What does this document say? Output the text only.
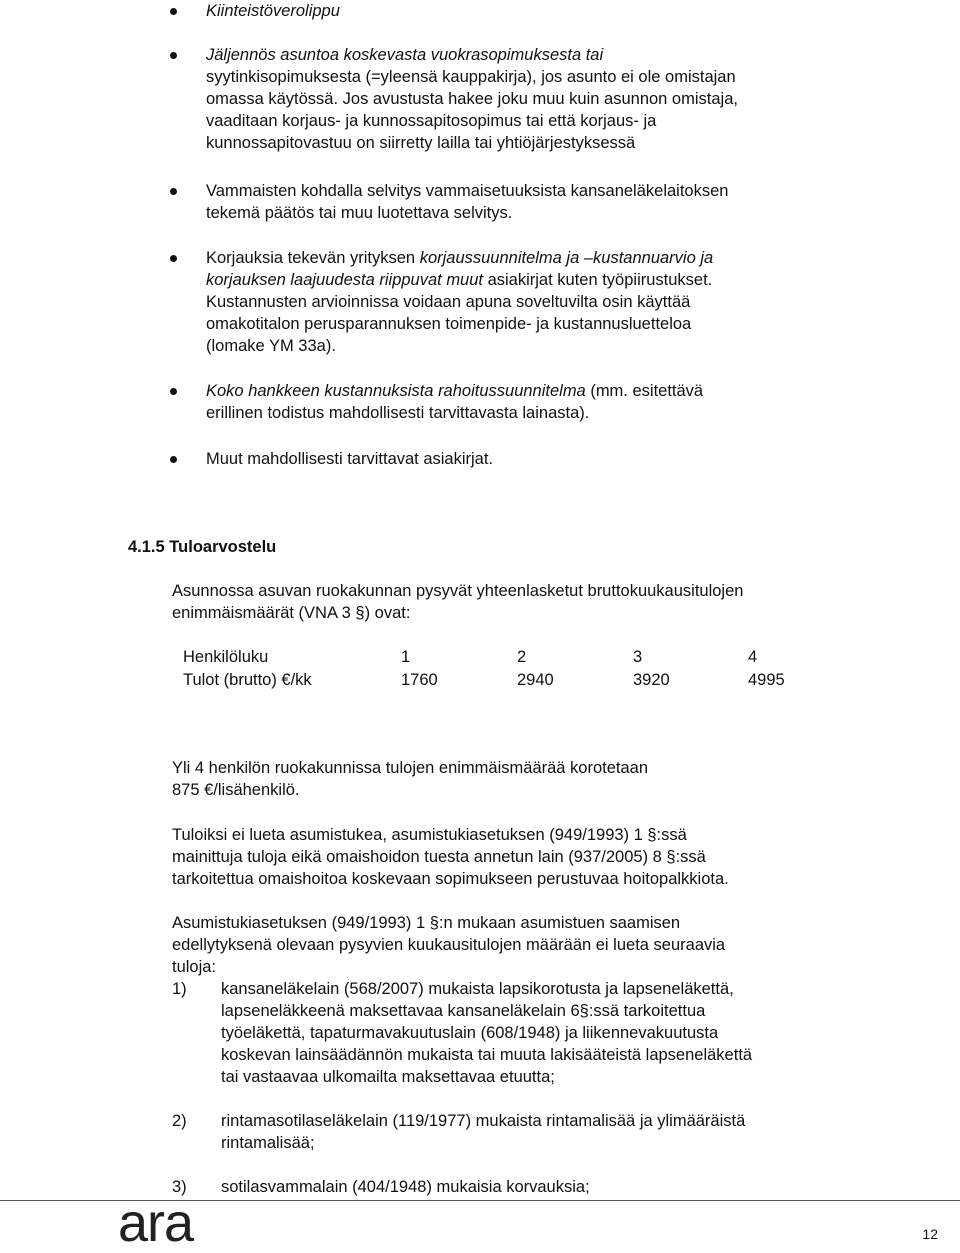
Kiinteistöverolippu
Jäljennös asuntoa koskevasta vuokrasopimuksesta tai
syytinkisopimuksesta (=yleensä kauppakirja), jos asunto ei ole omistajan
omassa käytössä. Jos avustusta hakee joku muu kuin asunnon omistaja,
vaaditaan korjaus- ja kunnossapitosopimus tai että korjaus- ja
kunnossapitovastuu on siirretty lailla tai yhtiöjärjestyksessä
Vammaisten kohdalla selvitys vammaisetuuksista kansaneläkelaitoksen
tekemä päätös tai muu luotettava selvitys.
Korjauksia tekevän yrityksen korjaussuunnitelma ja –kustannuarvio ja
korjauksen laajuudesta riippuvat muut asiakirjat kuten työpiirustukset.
Kustannusten arvioinnissa voidaan apuna soveltuvilta osin käyttää
omakotitalon perusparannuksen toimenpide- ja kustannusluetteloa
(lomake YM 33a).
Koko hankkeen kustannuksista rahoitussuunnitelma (mm. esitettävä
erillinen todistus mahdollisesti tarvittavasta lainasta).
Muut mahdollisesti tarvittavat asiakirjat.
4.1.5 Tuloarvostelu
Asunnossa asuvan ruokakunnan pysyvät yhteenlasketut bruttokuukausitulojen
enimmäismäärät (VNA 3 §) ovat:
Henkilöluku	1	2	3	4
Tulot (brutto) €/kk	1760	2940	3920	4995
Yli 4 henkilön ruokakunnissa tulojen enimmäismäärää korotetaan
875 €/lisähenkilö.
Tuloiksi ei lueta asumistukea, asumistukiasetuksen (949/1993) 1 §:ssä
mainittuja tuloja eikä omaishoidon tuesta annetun lain (937/2005) 8 §:ssä
tarkoitettua omaishoitoa koskevaan sopimukseen perustuvaa hoitopalkkiota.
Asumistukiasetuksen (949/1993) 1 §:n mukaan asumistuen saamisen
edellytyksenä olevaan pysyvien kuukausitulojen määrään ei lueta seuraavia
tuloja:
1) kansaneläkelain (568/2007) mukaista lapsikorotusta ja lapseneläkettä,
lapseneläkkeenä maksettavaa kansaneläkelain 6§:ssä tarkoitettua
työeläkettä, tapaturmavakuutuslain (608/1948) ja liikennevakuutusta
koskevan lainsäädännön mukaista tai muuta lakisääteistä lapseneläkettä
tai vastaavaa ulkomailta maksettavaa etuutta;
2) rintamasotilaseläkelain (119/1977) mukaista rintamalisää ja ylimääräistä
rintamalisää;
3) sotilasvammalain (404/1948) mukaisia korvauksia;
ara	12
